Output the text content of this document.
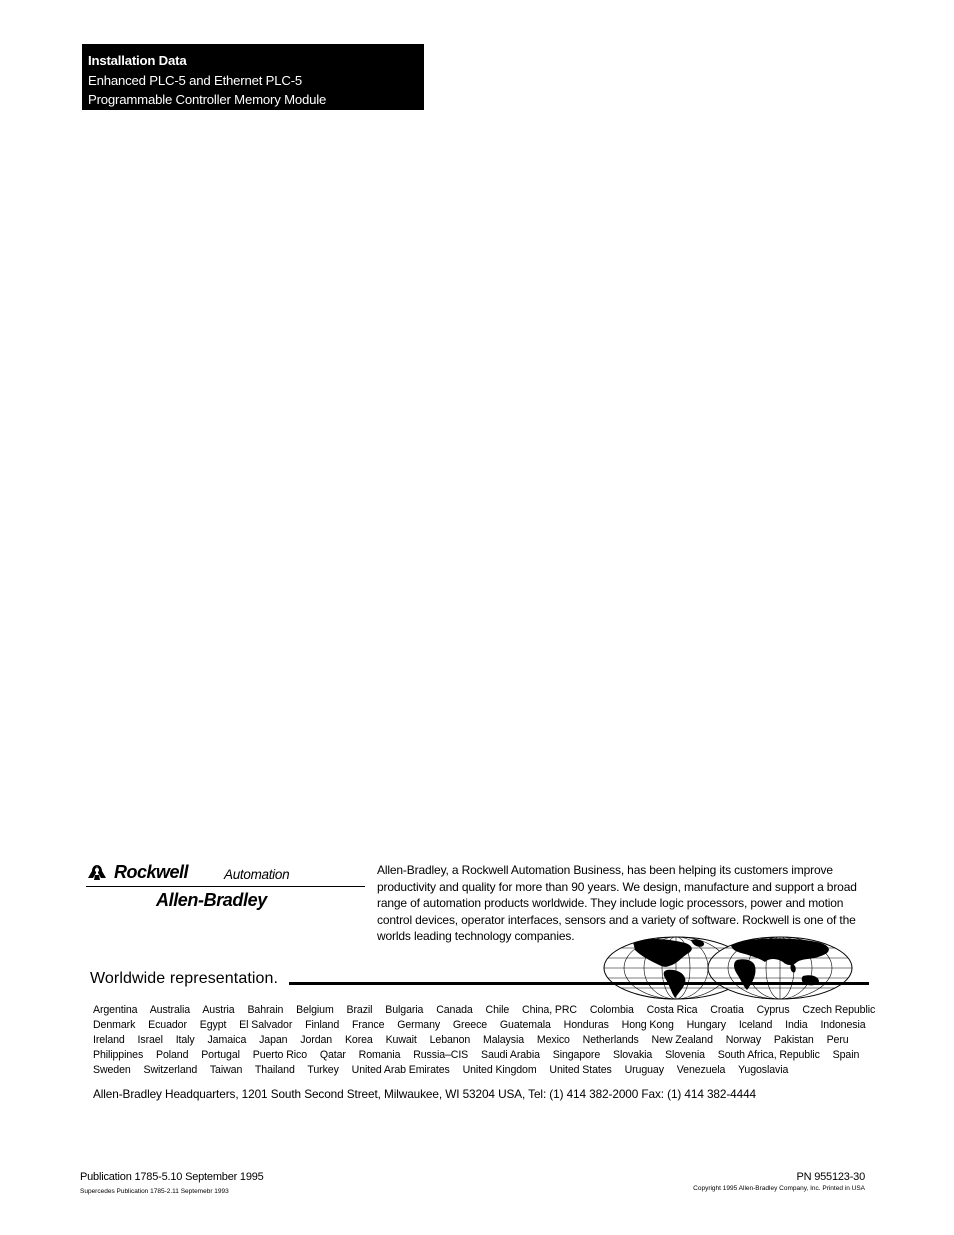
Installation Data
Enhanced PLC-5 and Ethernet PLC-5
Programmable Controller Memory Module
Rockwell	Automation
Allen-Bradley

Allen-Bradley, a Rockwell Automation Business, has been helping its customers improve productivity and quality for more than 90 years. We design, manufacture and support a broad range of automation products worldwide. They include logic processors, power and motion control devices, operator interfaces, sensors and a variety of software. Rockwell is one of the worlds leading technology companies.

Worldwide representation.
Argentina Australia Austria Bahrain Belgium Brazil Bulgaria Canada Chile China, PRC Colombia Costa Rica Croatia Cyprus Czech Republic
Denmark Ecuador Egypt El Salvador Finland France Germany Greece Guatemala Honduras Hong Kong Hungary Iceland India Indonesia
Ireland Israel Italy Jamaica Japan Jordan Korea Kuwait Lebanon Malaysia Mexico Netherlands New Zealand Norway Pakistan Peru
Philippines Poland Portugal Puerto Rico Qatar Romania Russia–CIS Saudi Arabia Singapore Slovakia Slovenia South Africa, Republic Spain
Sweden Switzerland Taiwan Thailand Turkey United Arab Emirates United Kingdom United States Uruguay Venezuela Yugoslavia
Allen-Bradley Headquarters, 1201 South Second Street, Milwaukee, WI 53204 USA, Tel: (1) 414 382-2000 Fax: (1) 414 382-4444
Publication 1785-5.10 September 1995
Supercedes Publication 1785-2.11 Septemebr 1993
PN 955123-30
Copyright 1995 Allen-Bradley Company, Inc. Printed in USA
